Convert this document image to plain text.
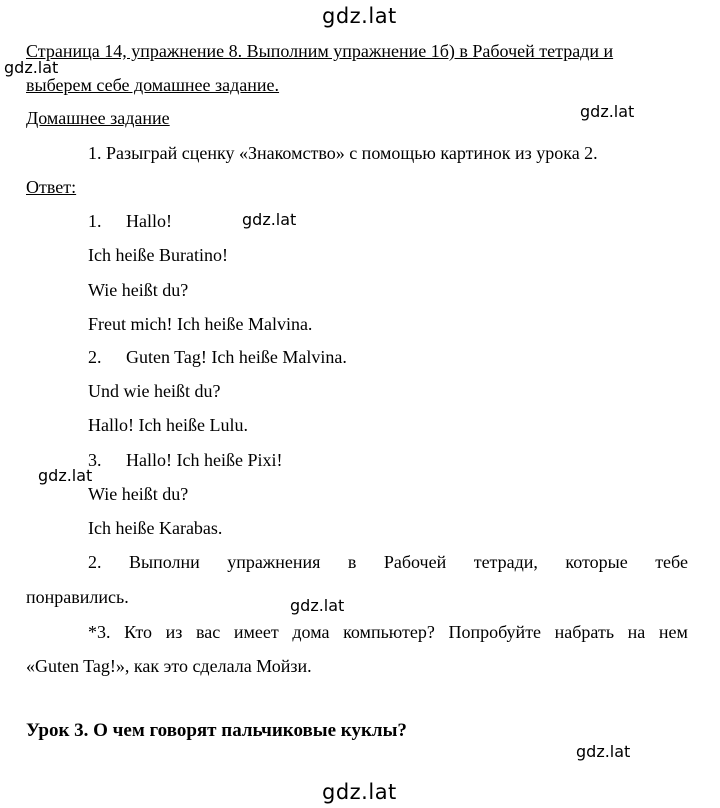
gdz.lat
gdz.lat
gdz.lat
gdz.lat
gdz.lat
gdz.lat
gdz.lat
gdz.lat
Страница 14, упражнение 8. Выполним упражнение 1б) в Рабочей тетради и
выберем себе домашнее задание.
Домашнее задание
1. Разыграй сценку «Знакомство» с помощью картинок из урока 2.
Ответ:
1. Hallo!
Ich heiße Buratino!
Wie heißt du?
Freut mich! Ich heiße Malvina.
2. Guten Tag! Ich heiße Malvina.
Und wie heißt du?
Hallo! Ich heiße Lulu.
3. Hallo! Ich heiße Pixi!
Wie heißt du?
Ich heiße Karabas.
2. Выполни упражнения в Рабочей тетради, которые тебе
понравились.
*3. Кто из вас имеет дома компьютер? Попробуйте набрать на нем
«Guten Tag!», как это сделала Мойзи.
Урок 3. О чем говорят пальчиковые куклы?
